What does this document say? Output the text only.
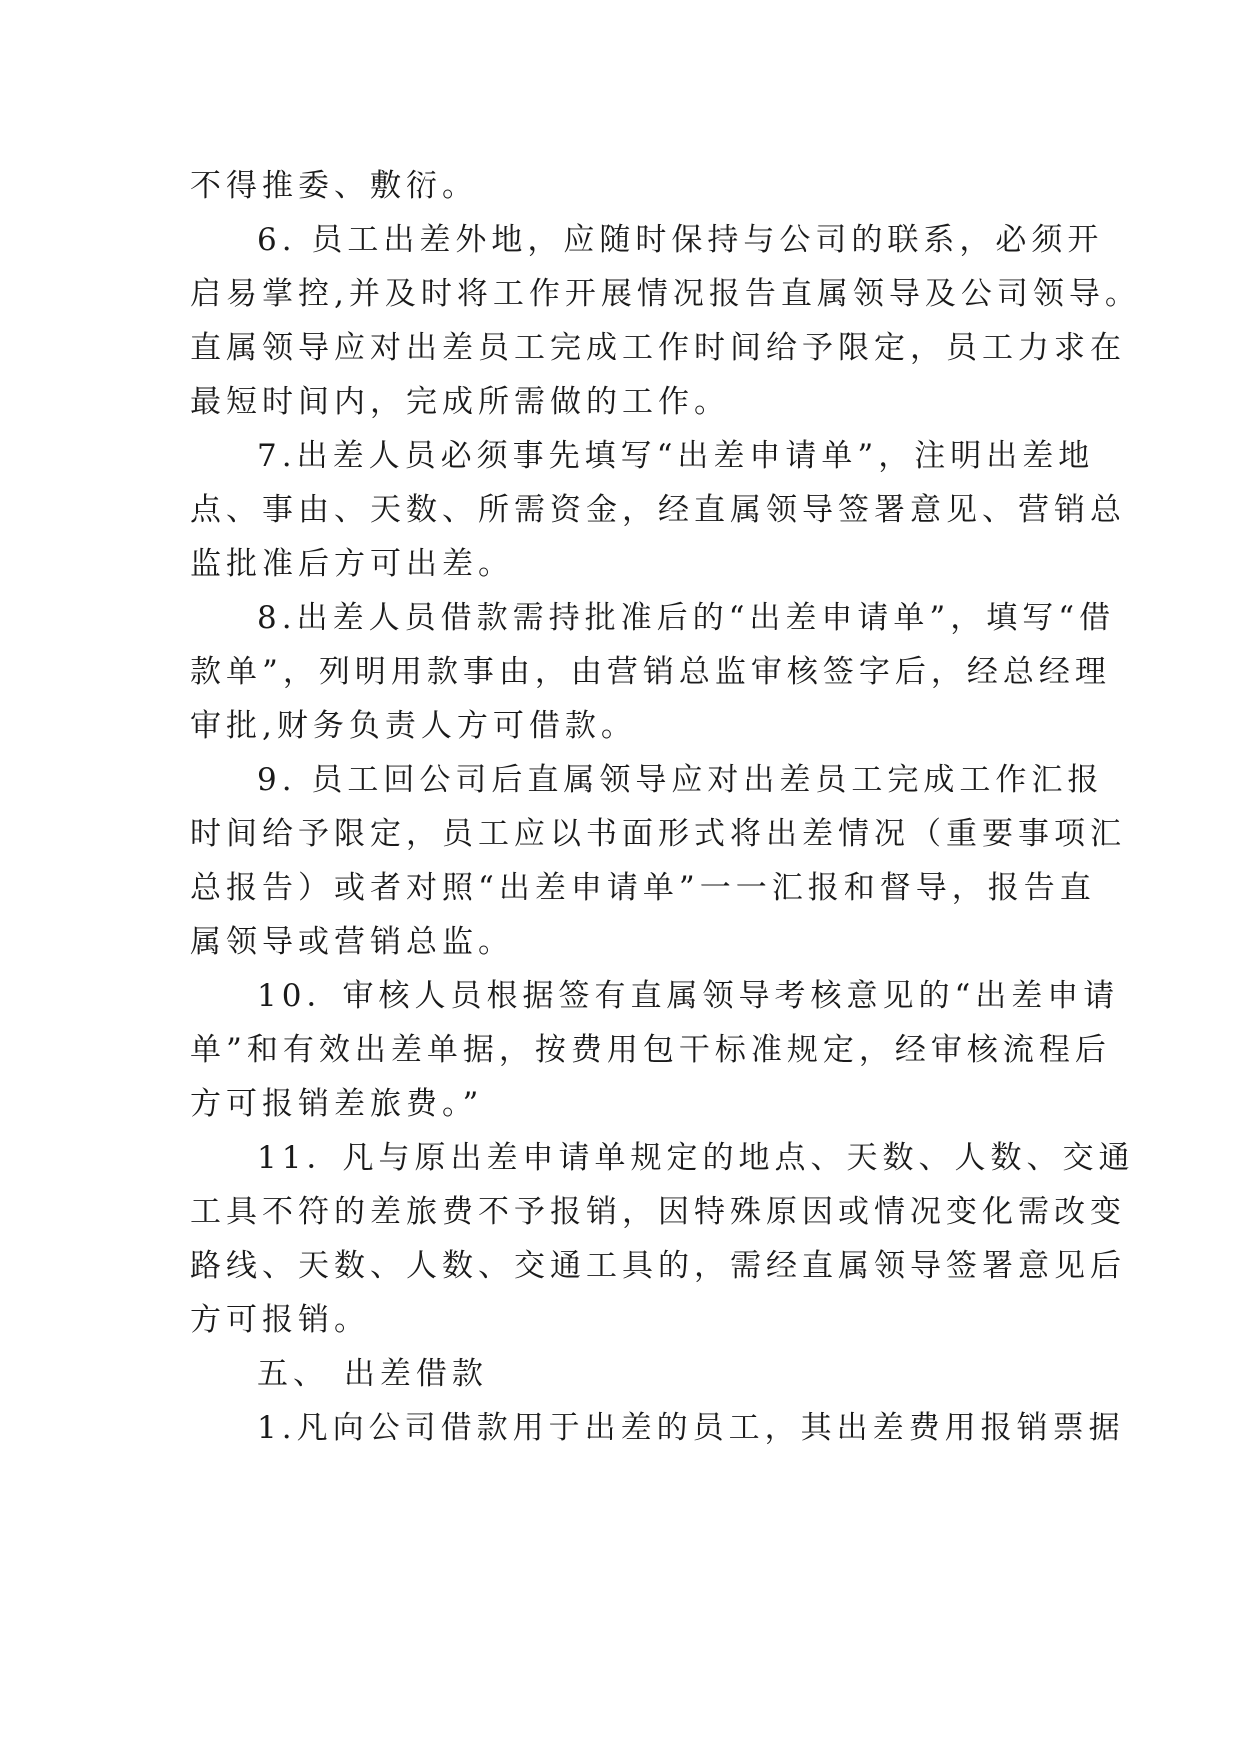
不得推委、敷衍。
6. 员工出差外地，应随时保持与公司的联系，必须开
启易掌控,并及时将工作开展情况报告直属领导及公司领导。
直属领导应对出差员工完成工作时间给予限定，员工力求在
最短时间内，完成所需做的工作。
7.出差人员必须事先填写“出差申请单”，注明出差地
点、事由、天数、所需资金，经直属领导签署意见、营销总
监批准后方可出差。
8.出差人员借款需持批准后的“出差申请单”，填写“借
款单”，列明用款事由，由营销总监审核签字后，经总经理
审批,财务负责人方可借款。
9. 员工回公司后直属领导应对出差员工完成工作汇报
时间给予限定，员工应以书面形式将出差情况（重要事项汇
总报告）或者对照“出差申请单”一一汇报和督导，报告直
属领导或营销总监。
10．审核人员根据签有直属领导考核意见的“出差申请
单”和有效出差单据，按费用包干标准规定，经审核流程后
方可报销差旅费。”
11．凡与原出差申请单规定的地点、天数、人数、交通
工具不符的差旅费不予报销，因特殊原因或情况变化需改变
路线、天数、人数、交通工具的，需经直属领导签署意见后
方可报销。
五、 出差借款
1.凡向公司借款用于出差的员工，其出差费用报销票据
